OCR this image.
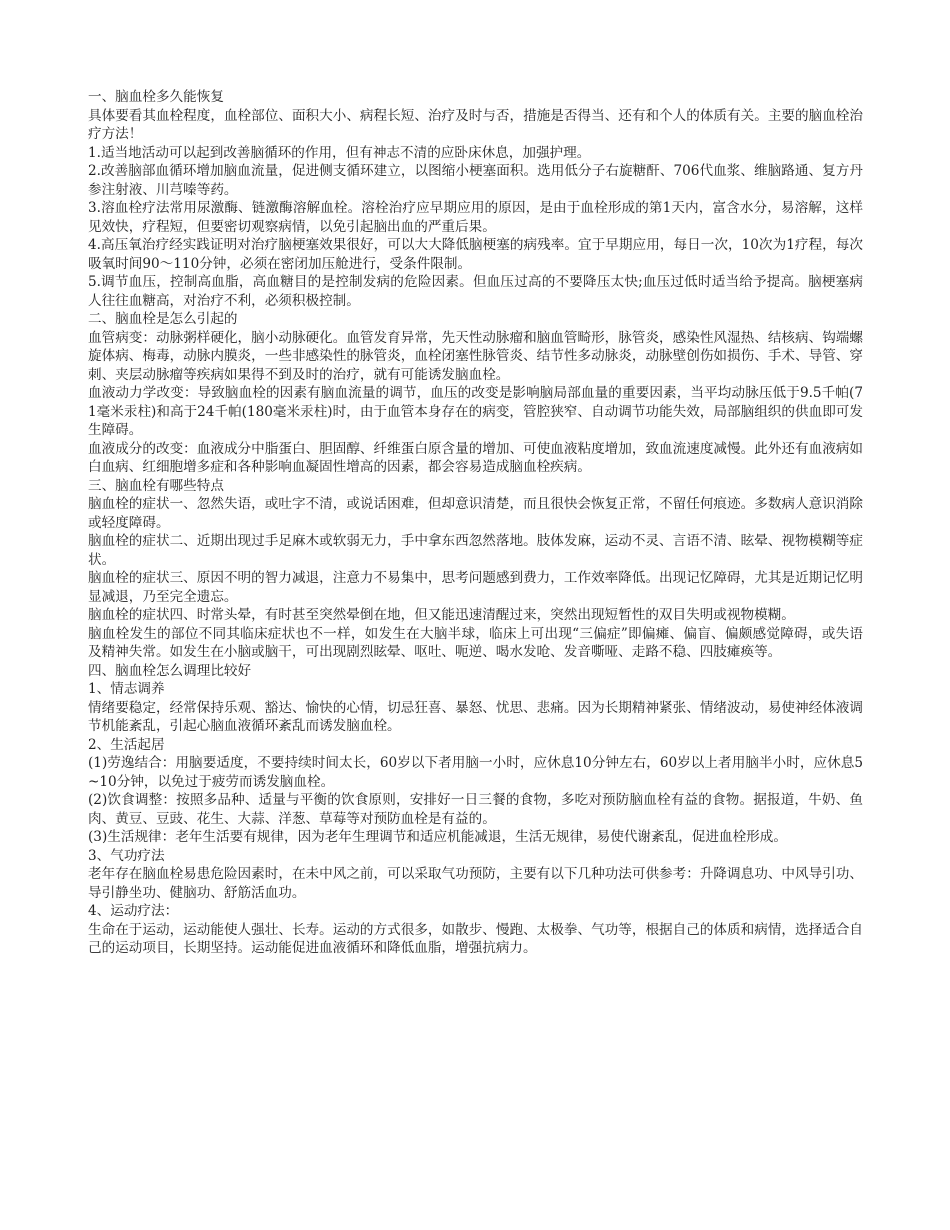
一、脑血栓多久能恢复

具体要看其血栓程度，血栓部位、面积大小、病程长短、治疗及时与否，措施是否得当、还有和个人的体质有关。主要的脑血栓治疗方法！

1.适当地活动可以起到改善脑循环的作用，但有神志不清的应卧床休息，加强护理。

2.改善脑部血循环增加脑血流量，促进侧支循环建立，以图缩小梗塞面积。选用低分子右旋糖酐、706代血浆、维脑路通、复方丹参注射液、川芎嗪等药。

3.溶血栓疗法常用尿激酶、链激酶溶解血栓。溶栓治疗应早期应用的原因，是由于血栓形成的第1天内，富含水分，易溶解，这样见效快，疗程短，但要密切观察病情，以免引起脑出血的严重后果。

4.高压氧治疗经实践证明对治疗脑梗塞效果很好，可以大大降低脑梗塞的病残率。宜于早期应用，每日一次，10次为1疗程，每次吸氧时间90～110分钟，必须在密闭加压舱进行，受条件限制。

5.调节血压，控制高血脂，高血糖目的是控制发病的危险因素。但血压过高的不要降压太快;血压过低时适当给予提高。脑梗塞病人往往血糖高，对治疗不利，必须积极控制。

二、脑血栓是怎么引起的

血管病变：动脉粥样硬化，脑小动脉硬化。血管发育异常，先天性动脉瘤和脑血管畸形，脉管炎，感染性风湿热、结核病、钩端螺旋体病、梅毒，动脉内膜炎，一些非感染性的脉管炎，血栓闭塞性脉管炎、结节性多动脉炎，动脉壁创伤如损伤、手术、导管、穿刺、夹层动脉瘤等疾病如果得不到及时的治疗，就有可能诱发脑血栓。

血液动力学改变：导致脑血栓的因素有脑血流量的调节，血压的改变是影响脑局部血量的重要因素，当平均动脉压低于9.5千帕(71毫米汞柱)和高于24千帕(180毫米汞柱)时，由于血管本身存在的病变，管腔狭窄、自动调节功能失效，局部脑组织的供血即可发生障碍。

血液成分的改变：血液成分中脂蛋白、胆固醇、纤维蛋白原含量的增加、可使血液粘度增加，致血流速度减慢。此外还有血液病如白血病、红细胞增多症和各种影响血凝固性增高的因素，都会容易造成脑血栓疾病。

三、脑血栓有哪些特点

脑血栓的症状一、忽然失语，或吐字不清，或说话困难，但却意识清楚，而且很快会恢复正常，不留任何痕迹。多数病人意识消除或轻度障碍。

脑血栓的症状二、近期出现过手足麻木或软弱无力，手中拿东西忽然落地。肢体发麻，运动不灵、言语不清、眩晕、视物模糊等症状。

脑血栓的症状三、原因不明的智力减退，注意力不易集中，思考问题感到费力，工作效率降低。出现记忆障碍，尤其是近期记忆明显减退，乃至完全遗忘。

脑血栓的症状四、时常头晕，有时甚至突然晕倒在地，但又能迅速清醒过来，突然出现短暂性的双目失明或视物模糊。

脑血栓发生的部位不同其临床症状也不一样，如发生在大脑半球，临床上可出现“三偏症”即偏瘫、偏盲、偏颇感觉障碍，或失语及精神失常。如发生在小脑或脑干，可出现剧烈眩晕、呕吐、呃逆、喝水发呛、发音嘶哑、走路不稳、四肢瘫痪等。

四、脑血栓怎么调理比较好

1、情志调养

情绪要稳定，经常保持乐观、豁达、愉快的心情，切忌狂喜、暴怒、忧思、悲痛。因为长期精神紧张、情绪波动，易使神经体液调节机能紊乱，引起心脑血液循环紊乱而诱发脑血栓。

2、生活起居

(1)劳逸结合：用脑要适度，不要持续时间太长，60岁以下者用脑一小时，应休息10分钟左右，60岁以上者用脑半小时，应休息5~10分钟，以免过于疲劳而诱发脑血栓。

(2)饮食调整：按照多品种、适量与平衡的饮食原则，安排好一日三餐的食物，多吃对预防脑血栓有益的食物。据报道，牛奶、鱼肉、黄豆、豆豉、花生、大蒜、洋葱、草莓等对预防血栓是有益的。

(3)生活规律：老年生活要有规律，因为老年生理调节和适应机能减退，生活无规律，易使代谢紊乱，促进血栓形成。

3、气功疗法

老年存在脑血栓易患危险因素时，在未中风之前，可以采取气功预防，主要有以下几种功法可供参考：升降调息功、中风导引功、导引静坐功、健脑功、舒筋活血功。

4、运动疗法：

生命在于运动，运动能使人强壮、长寿。运动的方式很多，如散步、慢跑、太极拳、气功等，根据自己的体质和病情，选择适合自己的运动项目，长期坚持。运动能促进血液循环和降低血脂，增强抗病力。
